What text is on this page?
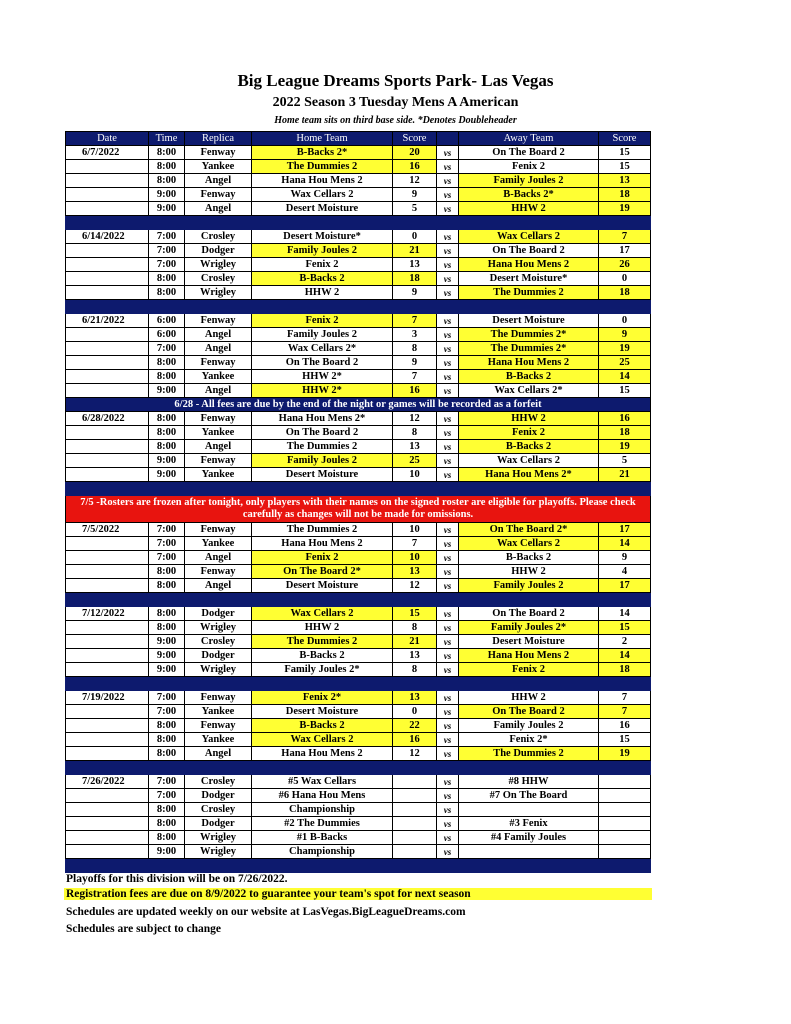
Big League Dreams Sports Park- Las Vegas
2022 Season 3 Tuesday Mens A American
Home team sits on third base side. *Denotes Doubleheader
Date	Time	Replica	Home Team	Score		Away Team	Score
6/7/2022	8:00	Fenway	B-Backs 2*	20	vs	On The Board 2	15
	8:00	Yankee	The Dummies 2	16	vs	Fenix 2	15
	8:00	Angel	Hana Hou Mens 2	12	vs	Family Joules 2	13
	9:00	Fenway	Wax Cellars 2	9	vs	B-Backs 2*	18
	9:00	Angel	Desert Moisture	5	vs	HHW 2	19

6/14/2022	7:00	Crosley	Desert Moisture*	0	vs	Wax Cellars 2	7
	7:00	Dodger	Family Joules 2	21	vs	On The Board 2	17
	7:00	Wrigley	Fenix 2	13	vs	Hana Hou Mens 2	26
	8:00	Crosley	B-Backs 2	18	vs	Desert Moisture*	0
	8:00	Wrigley	HHW 2	9	vs	The Dummies 2	18

6/21/2022	6:00	Fenway	Fenix 2	7	vs	Desert Moisture	0
	6:00	Angel	Family Joules 2	3	vs	The Dummies 2*	9
	7:00	Angel	Wax Cellars 2*	8	vs	The Dummies 2*	19
	8:00	Fenway	On The Board 2	9	vs	Hana Hou Mens 2	25
	8:00	Yankee	HHW 2*	7	vs	B-Backs 2	14
	9:00	Angel	HHW 2*	16	vs	Wax Cellars 2*	15
6/28 - All fees are due by the end of the night or games will be recorded as a forfeit							
6/28/2022	8:00	Fenway	Hana Hou Mens 2*	12	vs	HHW 2	16
	8:00	Yankee	On The Board 2	8	vs	Fenix 2	18
	8:00	Angel	The Dummies 2	13	vs	B-Backs 2	19
	9:00	Fenway	Family Joules 2	25	vs	Wax Cellars 2	5
	9:00	Yankee	Desert Moisture	10	vs	Hana Hou Mens 2*	21

7/5 -Rosters are frozen after tonight, only players with their names on the signed roster are eligible for playoffs. Please check carefully as changes will not be made for omissions.							
7/5/2022	7:00	Fenway	The Dummies 2	10	vs	On The Board 2*	17
	7:00	Yankee	Hana Hou Mens 2	7	vs	Wax Cellars 2	14
	7:00	Angel	Fenix 2	10	vs	B-Backs 2	9
	8:00	Fenway	On The Board 2*	13	vs	HHW 2	4
	8:00	Angel	Desert Moisture	12	vs	Family Joules 2	17

7/12/2022	8:00	Dodger	Wax Cellars 2	15	vs	On The Board 2	14
	8:00	Wrigley	HHW 2	8	vs	Family Joules 2*	15
	9:00	Crosley	The Dummies 2	21	vs	Desert Moisture	2
	9:00	Dodger	B-Backs 2	13	vs	Hana Hou Mens 2	14
	9:00	Wrigley	Family Joules 2*	8	vs	Fenix 2	18

7/19/2022	7:00	Fenway	Fenix 2*	13	vs	HHW 2	7
	7:00	Yankee	Desert Moisture	0	vs	On The Board 2	7
	8:00	Fenway	B-Backs 2	22	vs	Family Joules 2	16
	8:00	Yankee	Wax Cellars 2	16	vs	Fenix 2*	15
	8:00	Angel	Hana Hou Mens 2	12	vs	The Dummies 2	19

7/26/2022	7:00	Crosley	#5 Wax Cellars		vs	#8 HHW	
	7:00	Dodger	#6 Hana Hou Mens		vs	#7 On The Board	
	8:00	Crosley	Championship		vs		
	8:00	Dodger	#2 The Dummies		vs	#3 Fenix	
	8:00	Wrigley	#1 B-Backs		vs	#4 Family Joules	
	9:00	Wrigley	Championship		vs		

Playoffs for this division will be on 7/26/2022.
Registration fees are due on 8/9/2022 to guarantee your team's spot for next season
Schedules are updated weekly on our website at LasVegas.BigLeagueDreams.com
Schedules are subject to change
